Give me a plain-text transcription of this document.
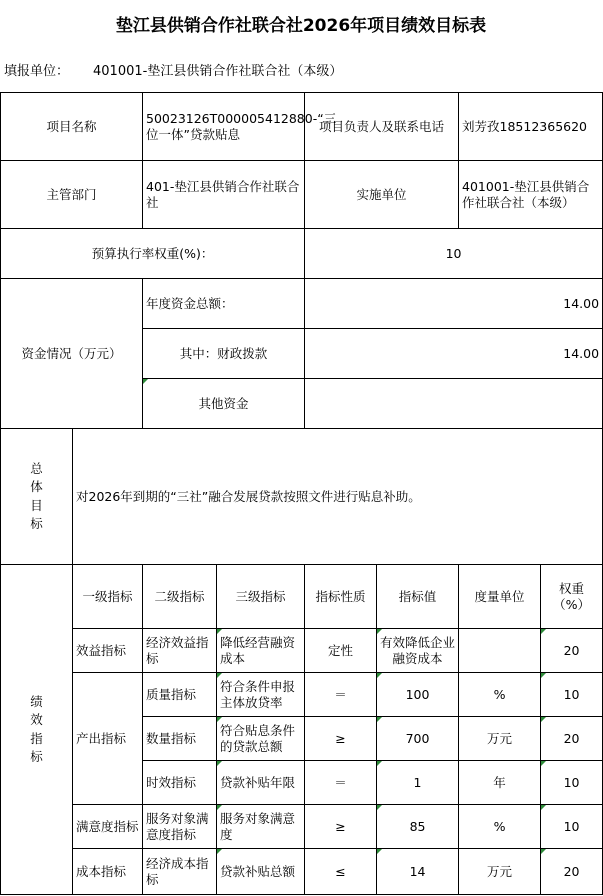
垫江县供销合作社联合社2026年项目绩效目标表
填报单位：	401001-垫江县供销合作社联合社（本级）
项目名称		50023126T000005412880-“三位一体”贷款贴息		项目负责人及联系电话		刘芳孜18512365620	
主管部门		401-垫江县供销合作社联合社		实施单位		401001-垫江县供销合作社联合社（本级）	
预算执行率权重(%)：				10			
资金情况（万元）		年度资金总额：		14.00			
		其中：财政拨款		14.00			
		其他资金					

总体目标	对2026年到期的“三社”融合发展贷款按照文件进行贴息补助。						

绩效指标	一级指标	二级指标	三级指标	指标性质	指标值	度量单位	权重（%）
	效益指标	经济效益指标	降低经营融资成本	定性	有效降低企业融资成本		20
	产出指标	质量指标	符合条件申报主体放贷率	＝	100	%	10
		数量指标	符合贴息条件的贷款总额	≥	700	万元	20
		时效指标	贷款补贴年限	＝	1	年	10
	满意度指标	服务对象满意度指标	服务对象满意度	≥	85	%	10
	成本指标	经济成本指标	贷款补贴总额	≤	14	万元	20
